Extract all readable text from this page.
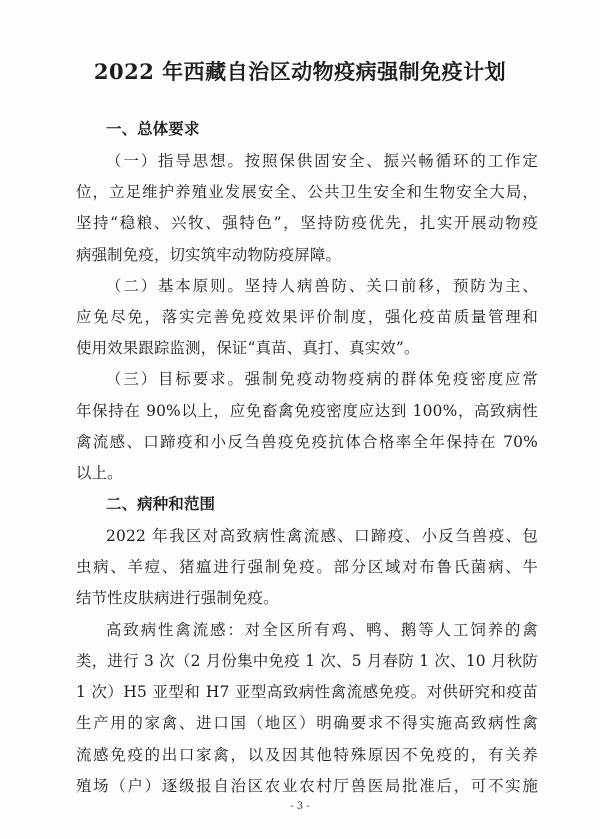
2022 年西藏自治区动物疫病强制免疫计划
一、总体要求
（一）指导思想。按照保供固安全、振兴畅循环的工作定
位，立足维护养殖业发展安全、公共卫生安全和生物安全大局，
坚持“稳粮、兴牧、强特色”，坚持防疫优先，扎实开展动物疫
病强制免疫，切实筑牢动物防疫屏障。
（二）基本原则。坚持人病兽防、关口前移，预防为主、
应免尽免，落实完善免疫效果评价制度，强化疫苗质量管理和
使用效果跟踪监测，保证“真苗、真打、真实效”。
（三）目标要求。强制免疫动物疫病的群体免疫密度应常
年保持在 90%以上，应免畜禽免疫密度应达到 100%，高致病性
禽流感、口蹄疫和小反刍兽疫免疫抗体合格率全年保持在 70%
以上。
二、病种和范围
2022 年我区对高致病性禽流感、口蹄疫、小反刍兽疫、包
虫病、羊痘、猪瘟进行强制免疫。部分区域对布鲁氏菌病、牛
结节性皮肤病进行强制免疫。
高致病性禽流感：对全区所有鸡、鸭、鹅等人工饲养的禽
类，进行 3 次（2 月份集中免疫 1 次、5 月春防 1 次、10 月秋防
1 次）H5 亚型和 H7 亚型高致病性禽流感免疫。对供研究和疫苗
生产用的家禽、进口国（地区）明确要求不得实施高致病性禽
流感免疫的出口家禽，以及因其他特殊原因不免疫的，有关养
殖场（户）逐级报自治区农业农村厅兽医局批准后，可不实施
- 3 -
